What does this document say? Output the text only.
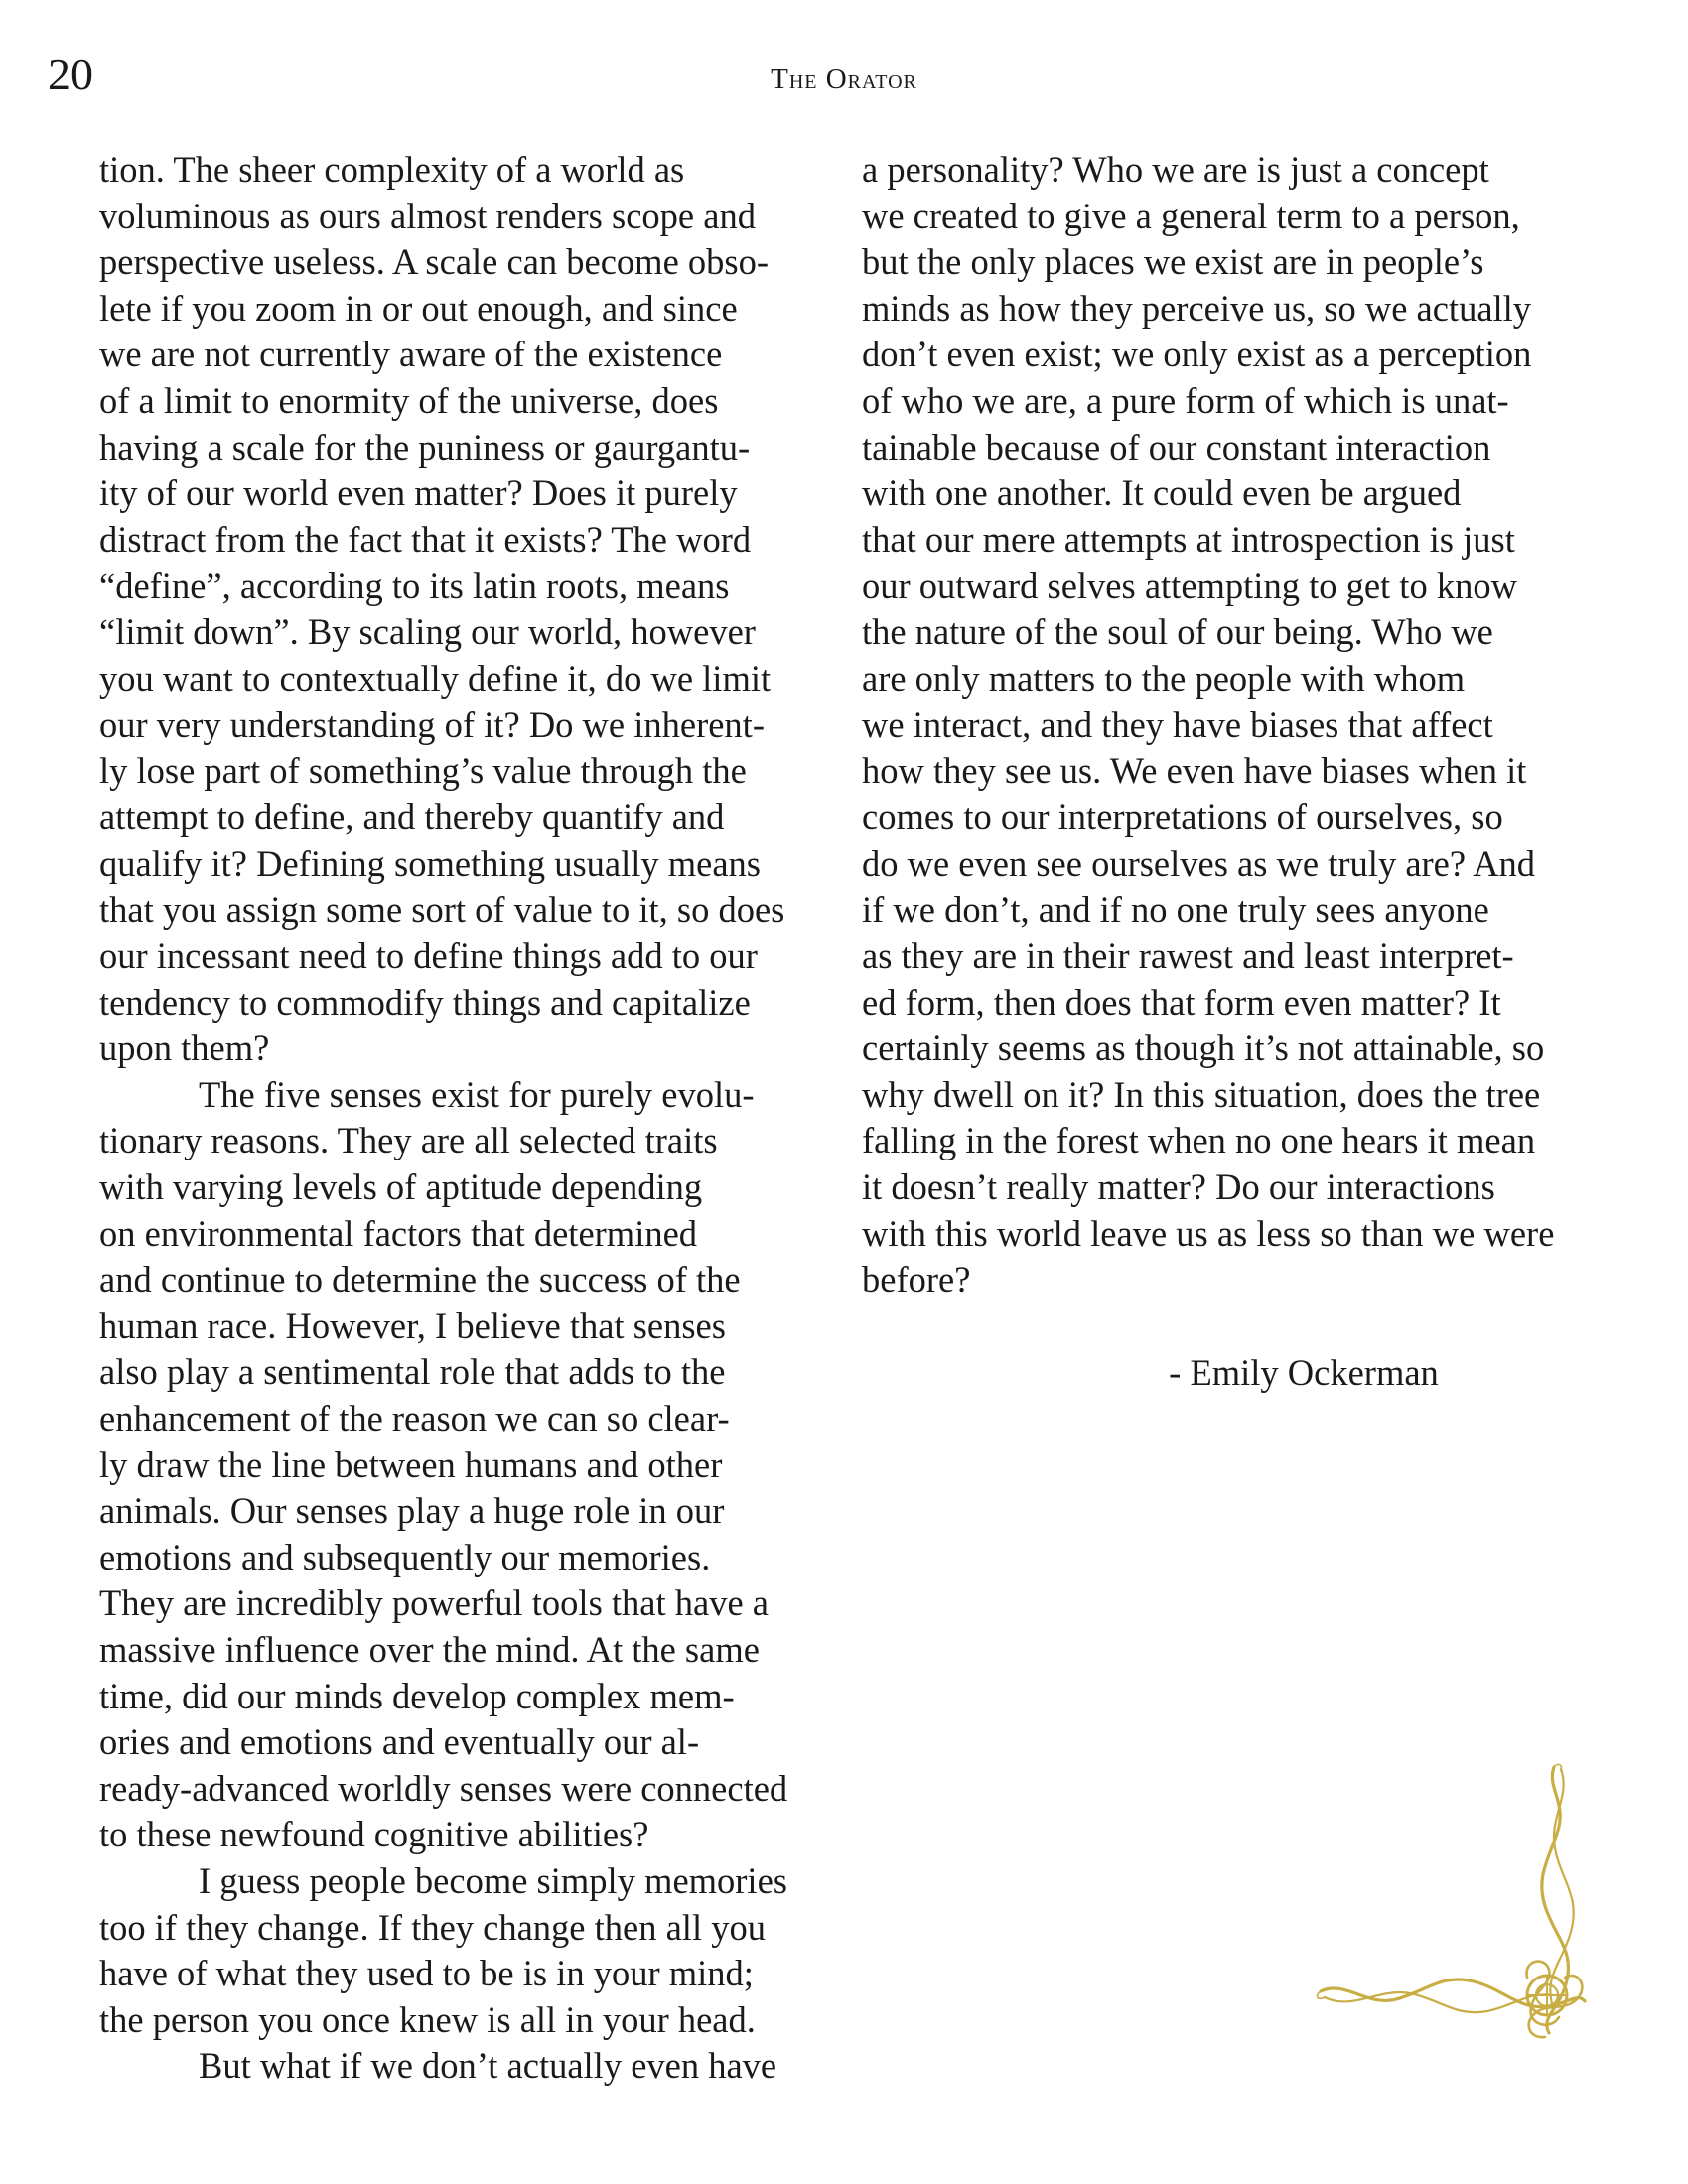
20	The Orator
tion. The sheer complexity of a world as
voluminous as ours almost renders scope and
perspective useless. A scale can become obso-
lete if you zoom in or out enough, and since
we are not currently aware of the existence
of a limit to enormity of the universe, does
having a scale for the puniness or gaurgantu-
ity of our world even matter? Does it purely
distract from the fact that it exists? The word
“define”, according to its latin roots, means
“limit down”. By scaling our world, however
you want to contextually define it, do we limit
our very understanding of it? Do we inherent-
ly lose part of something’s value through the
attempt to define, and thereby quantify and
qualify it? Defining something usually means
that you assign some sort of value to it, so does
our incessant need to define things add to our
tendency to commodify things and capitalize
upon them?
The five senses exist for purely evolu-
tionary reasons. They are all selected traits
with varying levels of aptitude depending
on environmental factors that determined
and continue to determine the success of the
human race. However, I believe that senses
also play a sentimental role that adds to the
enhancement of the reason we can so clear-
ly draw the line between humans and other
animals. Our senses play a huge role in our
emotions and subsequently our memories.
They are incredibly powerful tools that have a
massive influence over the mind. At the same
time, did our minds develop complex mem-
ories and emotions and eventually our al-
ready-advanced worldly senses were connected
to these newfound cognitive abilities?
I guess people become simply memories
too if they change. If they change then all you
have of what they used to be is in your mind;
the person you once knew is all in your head.
But what if we don’t actually even have
a personality? Who we are is just a concept
we created to give a general term to a person,
but the only places we exist are in people’s
minds as how they perceive us, so we actually
don’t even exist; we only exist as a perception
of who we are, a pure form of which is unat-
tainable because of our constant interaction
with one another. It could even be argued
that our mere attempts at introspection is just
our outward selves attempting to get to know
the nature of the soul of our being. Who we
are only matters to the people with whom
we interact, and they have biases that affect
how they see us. We even have biases when it
comes to our interpretations of ourselves, so
do we even see ourselves as we truly are? And
if we don’t, and if no one truly sees anyone
as they are in their rawest and least interpret-
ed form, then does that form even matter? It
certainly seems as though it’s not attainable, so
why dwell on it? In this situation, does the tree
falling in the forest when no one hears it mean
it doesn’t really matter? Do our interactions
with this world leave us as less so than we were
before?
- Emily Ockerman
